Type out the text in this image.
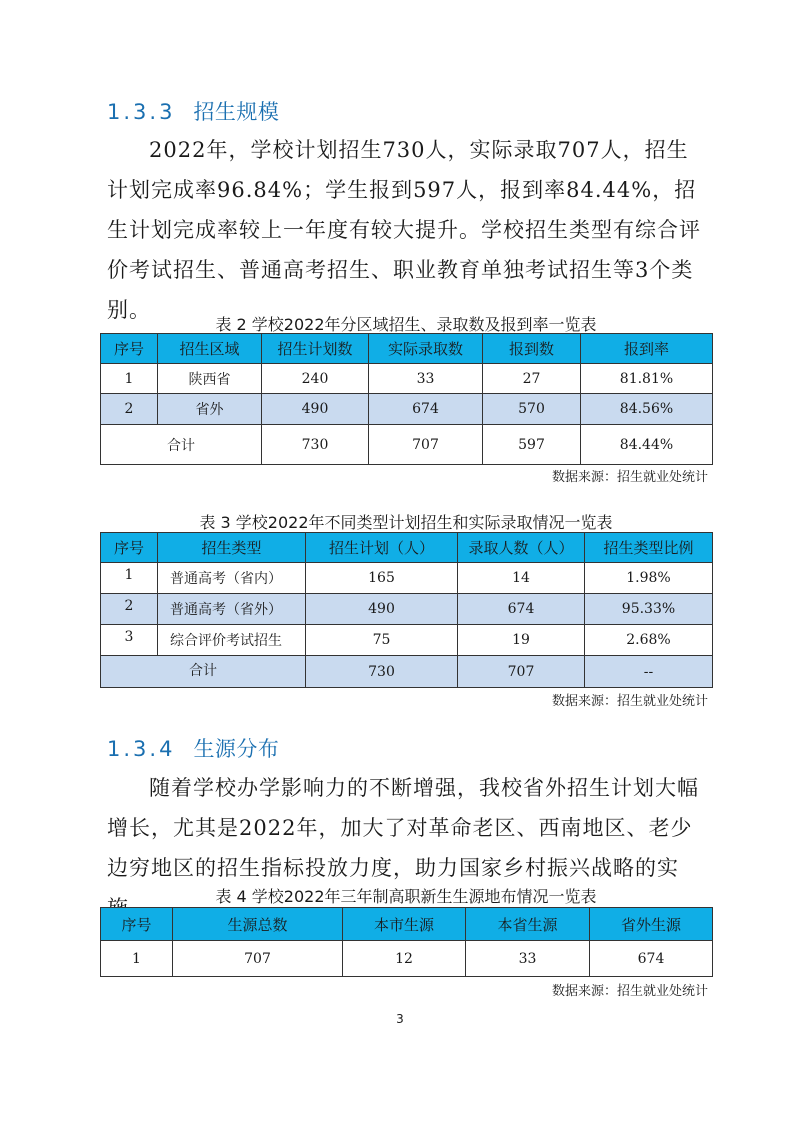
1.3.3 招生规模

2022年，学校计划招生730人，实际录取707人，招生计划完成率96.84%；学生报到597人，报到率84.44%，招生计划完成率较上一年度有较大提升。学校招生类型有综合评价考试招生、普通高考招生、职业教育单独考试招生等3个类别。

表 2 学校2022年分区域招生、录取数及报到率一览表
序号	招生区域	招生计划数	实际录取数	报到数	报到率
1	陕西省	240	33	27	81.81%
2	省外	490	674	570	84.56%
合计		730	707	597	84.44%
数据来源：招生就业处统计
表 3 学校2022年不同类型计划招生和实际录取情况一览表
序号	招生类型	招生计划（人）	录取人数（人）	招生类型比例
1	普通高考（省内）	165	14	1.98%
2	普通高考（省外）	490	674	95.33%
3	综合评价考试招生	75	19	2.68%
合计		730	707	--
数据来源：招生就业处统计
1.3.4 生源分布

随着学校办学影响力的不断增强，我校省外招生计划大幅增长，尤其是2022年，加大了对革命老区、西南地区、老少边穷地区的招生指标投放力度，助力国家乡村振兴战略的实

表 4 学校2022年三年制高职新生生源地布情况一览表
序号	生源总数	本市生源	本省生源	省外生源
1	707	12	33	674
数据来源：招生就业处统计
3
